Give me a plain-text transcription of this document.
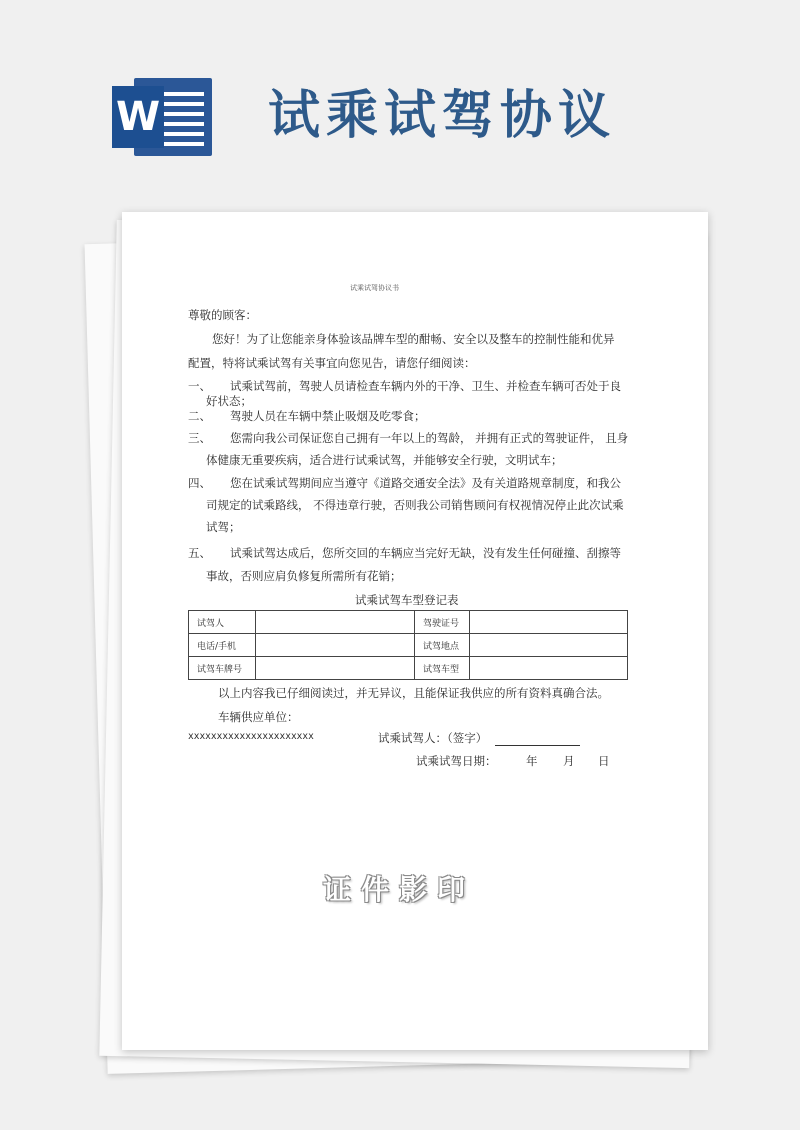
W 试乘试驾协议
试乘试驾协议书
尊敬的顾客：
您好！为了让您能亲身体验该品牌车型的酣畅、安全以及整车的控制性能和优异
配置，特将试乘试驾有关事宜向您见告，请您仔细阅读：
一、 试乘试驾前，驾驶人员请检查车辆内外的干净、卫生、并检查车辆可否处于良
好状态；
二、 驾驶人员在车辆中禁止吸烟及吃零食；
三、 您需向我公司保证您自己拥有一年以上的驾龄， 并拥有正式的驾驶证件， 且身
体健康无重要疾病，适合进行试乘试驾，并能够安全行驶，文明试车；
四、 您在试乘试驾期间应当遵守《道路交通安全法》及有关道路规章制度，和我公
司规定的试乘路线， 不得违章行驶，否则我公司销售顾问有权视情况停止此次试乘
试驾；
五、 试乘试驾达成后，您所交回的车辆应当完好无缺，没有发生任何碰撞、刮擦等
事故，否则应肩负修复所需所有花销；
试乘试驾车型登记表
试驾人		驾驶证号	
电话/手机		试驾地点	
试驾车牌号		试驾车型	
以上内容我已仔细阅读过，并无异议，且能保证我供应的所有资料真确合法。
车辆供应单位：
xxxxxxxxxxxxxxxxxxxxxx	试乘试驾人：（签字）
试乘试驾日期：	年 月 日
证件影印
